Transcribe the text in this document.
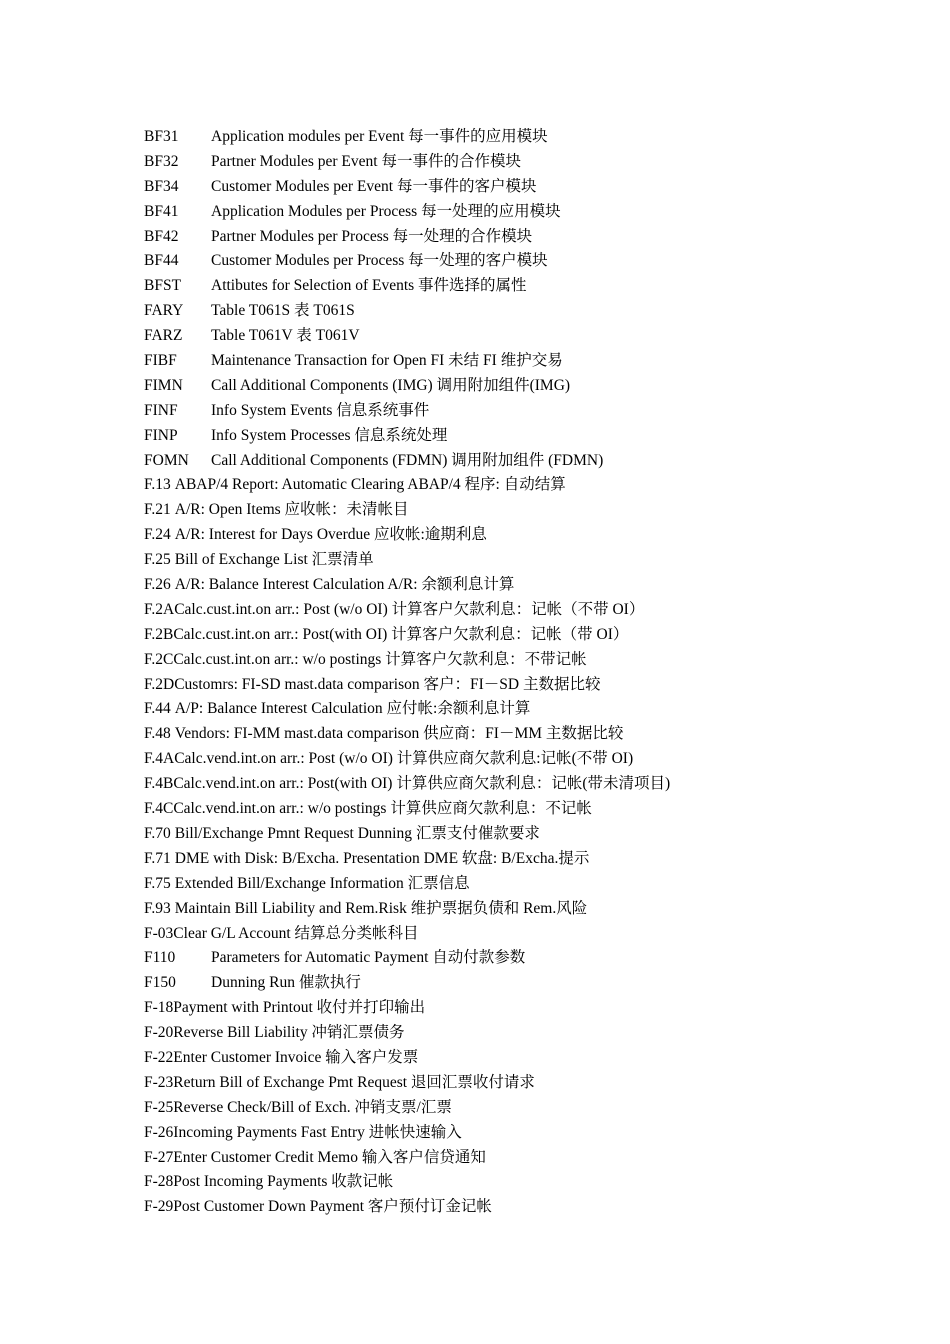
BF31	Application modules per Event 每一事件的应用模块
BF32	Partner Modules per Event 每一事件的合作模块
BF34	Customer Modules per Event 每一事件的客户模块
BF41	Application Modules per Process 每一处理的应用模块
BF42	Partner Modules per Process 每一处理的合作模块
BF44	Customer Modules per Process 每一处理的客户模块
BFST	Attibutes for Selection of Events 事件选择的属性
FARY	Table T061S 表 T061S
FARZ	Table T061V 表 T061V
FIBF	Maintenance Transaction for Open FI 未结 FI 维护交易
FIMN	Call Additional Components (IMG) 调用附加组件(IMG)
FINF	Info System Events 信息系统事件
FINP	Info System Processes 信息系统处理
FOMN	Call Additional Components (FDMN) 调用附加组件 (FDMN)
F.13 ABAP/4 Report: Automatic Clearing ABAP/4 程序: 自动结算
F.21 A/R: Open Items 应收帐：未清帐目
F.24 A/R: Interest for Days Overdue 应收帐:逾期利息
F.25 Bill of Exchange List 汇票清单
F.26 A/R: Balance Interest Calculation A/R: 余额利息计算
F.2A Calc.cust.int.on arr.: Post (w/o OI) 计算客户欠款利息：记帐（不带 OI）
F.2B Calc.cust.int.on arr.: Post(with OI) 计算客户欠款利息：记帐（带 OI）
F.2C Calc.cust.int.on arr.: w/o postings 计算客户欠款利息：不带记帐
F.2D Customrs: FI-SD mast.data comparison 客户：FI－SD 主数据比较
F.44 A/P: Balance Interest Calculation 应付帐:余额利息计算
F.48 Vendors: FI-MM mast.data comparison 供应商：FI－MM 主数据比较
F.4A Calc.vend.int.on arr.: Post (w/o OI) 计算供应商欠款利息:记帐(不带 OI)
F.4B Calc.vend.int.on arr.: Post(with OI) 计算供应商欠款利息：记帐(带未清项目)
F.4C Calc.vend.int.on arr.: w/o postings 计算供应商欠款利息：不记帐
F.70 Bill/Exchange Pmnt Request Dunning 汇票支付催款要求
F.71 DME with Disk: B/Excha. Presentation DME 软盘: B/Excha.提示
F.75 Extended Bill/Exchange Information 汇票信息
F.93 Maintain Bill Liability and Rem.Risk 维护票据负债和 Rem.风险
F-03 Clear G/L Account 结算总分类帐科目
F110	Parameters for Automatic Payment 自动付款参数
F150	Dunning Run 催款执行
F-18 Payment with Printout 收付并打印输出
F-20 Reverse Bill Liability 冲销汇票债务
F-22 Enter Customer Invoice 输入客户发票
F-23 Return Bill of Exchange Pmt Request 退回汇票收付请求
F-25 Reverse Check/Bill of Exch. 冲销支票/汇票
F-26 Incoming Payments Fast Entry 进帐快速输入
F-27 Enter Customer Credit Memo 输入客户信贷通知
F-28 Post Incoming Payments 收款记帐
F-29 Post Customer Down Payment 客户预付订金记帐
